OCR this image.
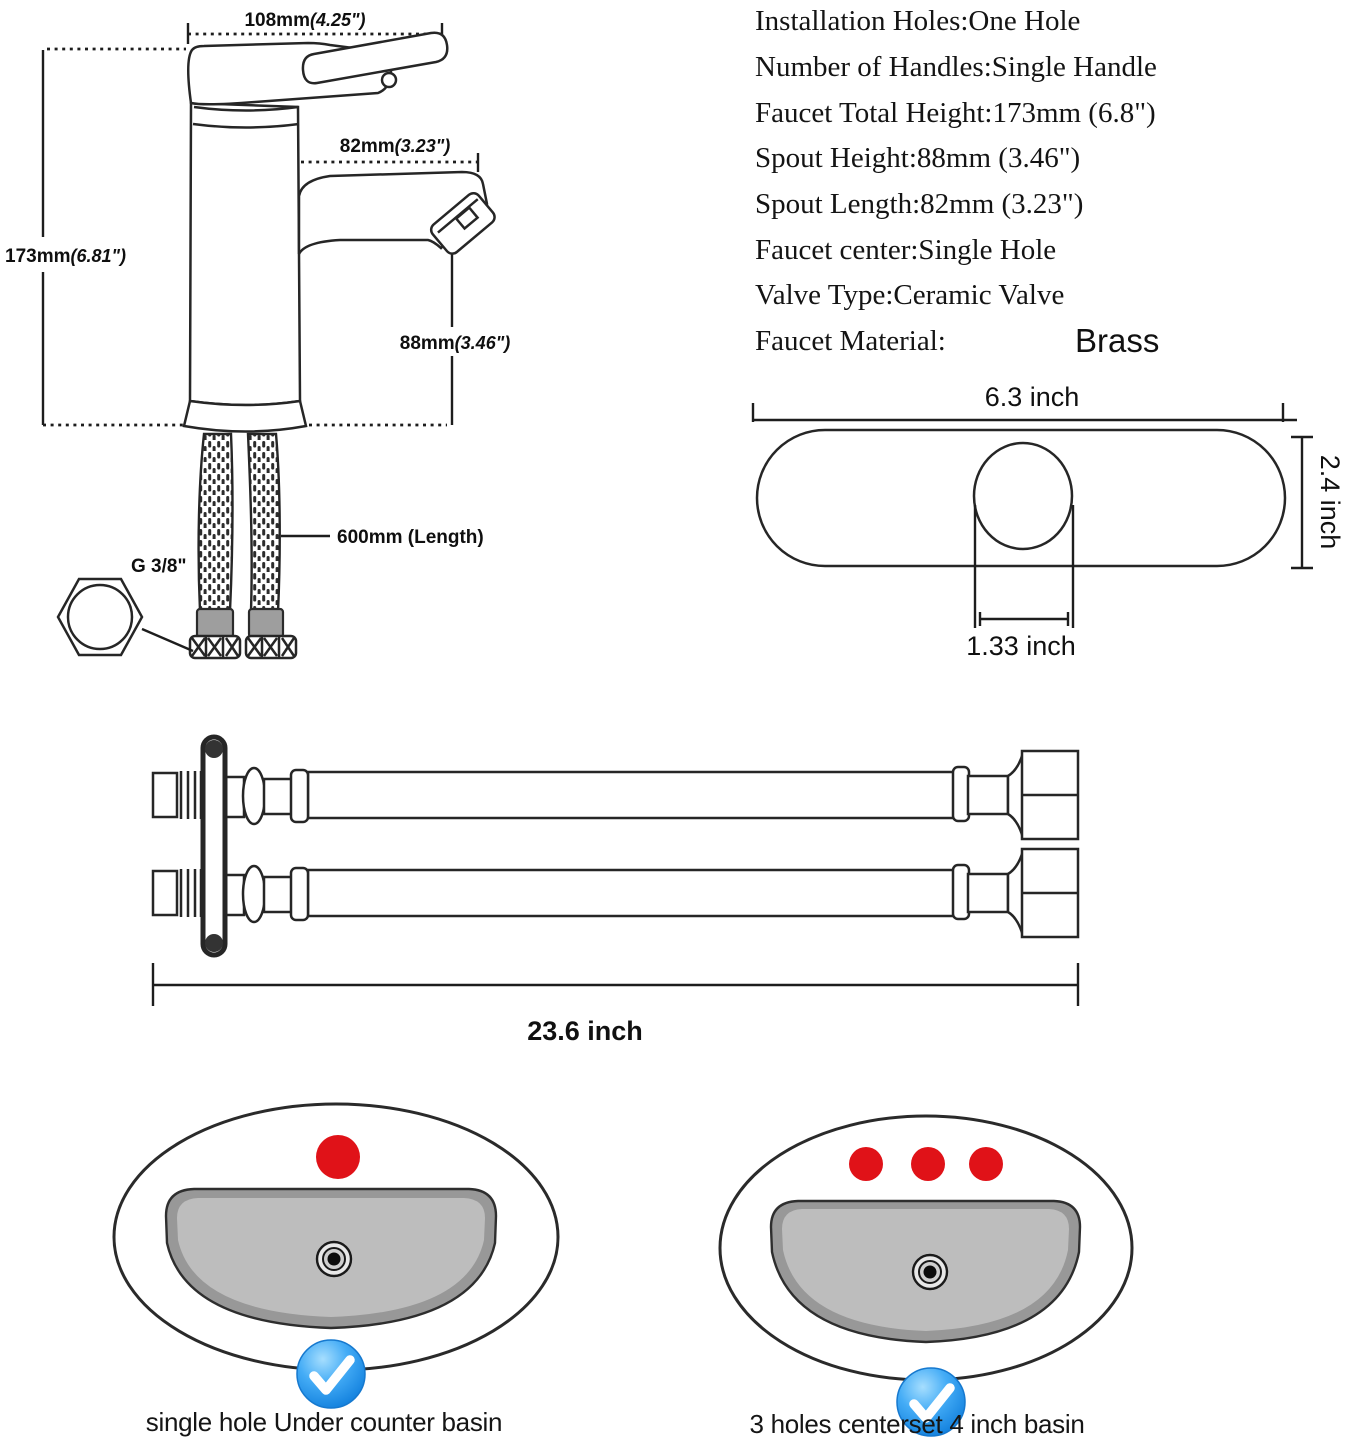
108mm(4.25")
173mm(6.81")
82mm(3.23")
88mm(3.46")
600mm (Length)
G 3/8"
Installation Holes:One Hole
Number of Handles:Single Handle
Faucet Total Height:173mm (6.8")
Spout Height:88mm (3.46")
Spout Length:82mm (3.23")
Faucet center:Single Hole
Valve Type:Ceramic Valve
Faucet Material:	Brass
6.3 inch
2.4 inch
1.33 inch
23.6 inch
single hole Under counter basin	3 holes centerset 4 inch basin
